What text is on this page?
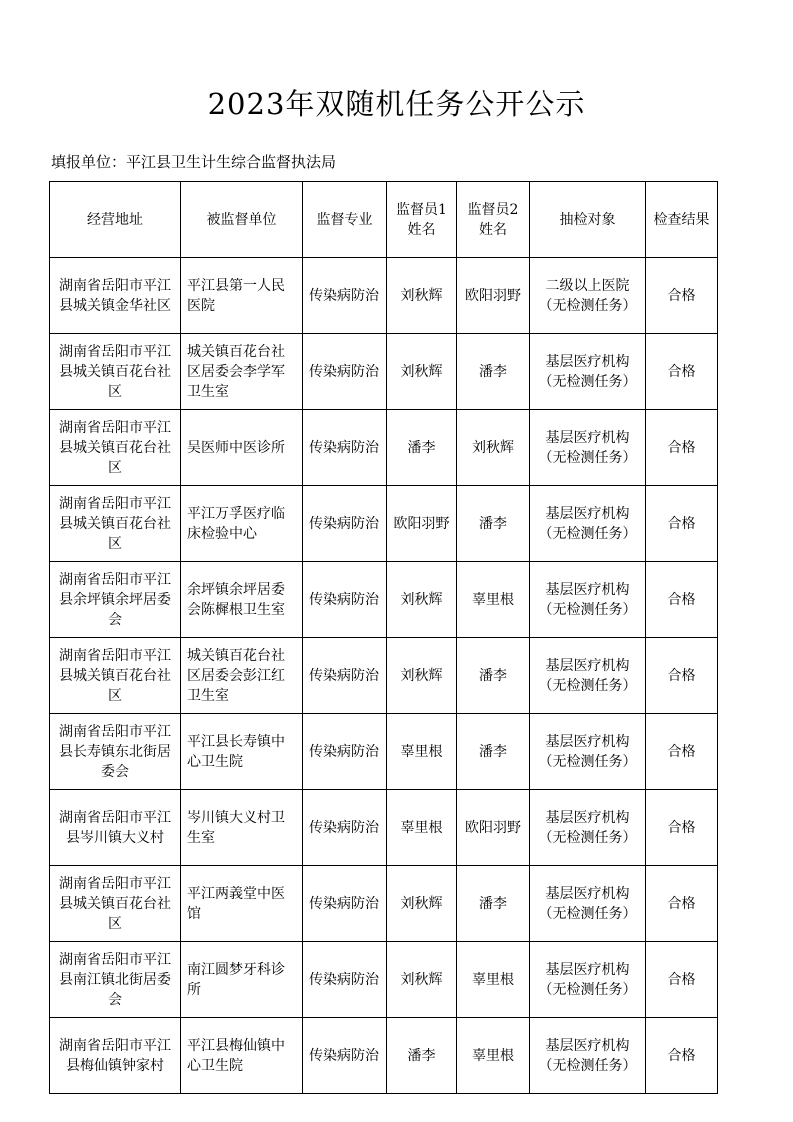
2023年双随机任务公开公示
填报单位：平江县卫生计生综合监督执法局
经营地址	被监督单位	监督专业	监督员1姓名	监督员2姓名	抽检对象	检查结果
湖南省岳阳市平江县城关镇金华社区	平江县第一人民医院	传染病防治	刘秋辉	欧阳羽野	二级以上医院（无检测任务）	合格
湖南省岳阳市平江县城关镇百花台社区	城关镇百花台社区居委会李学军卫生室	传染病防治	刘秋辉	潘李	基层医疗机构（无检测任务）	合格
湖南省岳阳市平江县城关镇百花台社区	吴医师中医诊所	传染病防治	潘李	刘秋辉	基层医疗机构（无检测任务）	合格
湖南省岳阳市平江县城关镇百花台社区	平江万孚医疗临床检验中心	传染病防治	欧阳羽野	潘李	基层医疗机构（无检测任务）	合格
湖南省岳阳市平江县余坪镇余坪居委会	余坪镇余坪居委会陈樨根卫生室	传染病防治	刘秋辉	辜里根	基层医疗机构（无检测任务）	合格
湖南省岳阳市平江县城关镇百花台社区	城关镇百花台社区居委会彭江红卫生室	传染病防治	刘秋辉	潘李	基层医疗机构（无检测任务）	合格
湖南省岳阳市平江县长寿镇东北街居委会	平江县长寿镇中心卫生院	传染病防治	辜里根	潘李	基层医疗机构（无检测任务）	合格
湖南省岳阳市平江县岑川镇大义村	岑川镇大义村卫生室	传染病防治	辜里根	欧阳羽野	基层医疗机构（无检测任务）	合格
湖南省岳阳市平江县城关镇百花台社区	平江两義堂中医馆	传染病防治	刘秋辉	潘李	基层医疗机构（无检测任务）	合格
湖南省岳阳市平江县南江镇北街居委会	南江圆梦牙科诊所	传染病防治	刘秋辉	辜里根	基层医疗机构（无检测任务）	合格
湖南省岳阳市平江县梅仙镇钟家村	平江县梅仙镇中心卫生院	传染病防治	潘李	辜里根	基层医疗机构（无检测任务）	合格
